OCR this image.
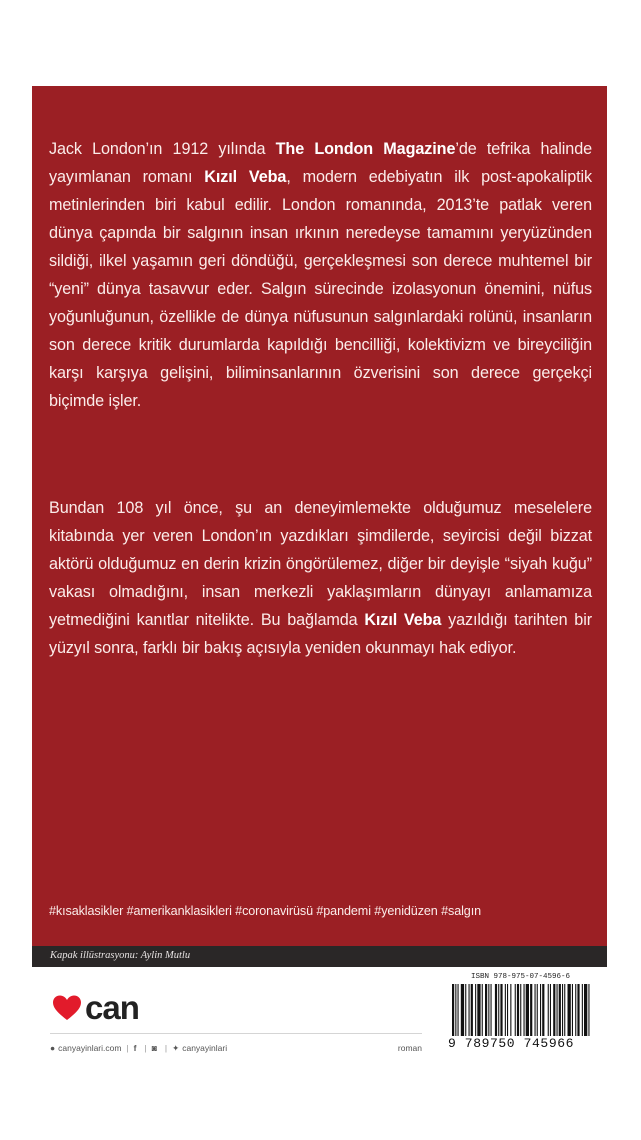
Jack London’ın 1912 yılında The London Magazine’de tefrika halinde yayımlanan romanı Kızıl Veba, modern edebiyatın ilk post-apokaliptik metinlerinden biri kabul edilir. London romanında, 2013’te patlak veren dünya çapında bir salgının insan ırkının neredeyse tamamını yeryüzünden sildiği, ilkel yaşamın geri döndüğü, gerçekleşmesi son derece muhtemel bir “yeni” dünya tasavvur eder. Salgın sürecinde izolasyonun önemini, nüfus yoğunluğunun, özellikle de dünya nüfusunun salgınlardaki rolünü, insanların son derece kritik durumlarda kapıldığı bencilliği, kolektivizm ve bireyciliğin karşı karşıya gelişini, biliminsanlarının özverisini son derece gerçekçi biçimde işler.

Bundan 108 yıl önce, şu an deneyimlemekte olduğumuz meselelere kitabında yer veren London’ın yazdıkları şimdilerde, seyircisi değil bizzat aktörü olduğumuz en derin krizin öngörülemez, diğer bir deyişle “siyah kuğu” vakası olmadığını, insan merkezli yaklaşımların dünyayı anlamamıza yetmediğini kanıtlar nitelikte. Bu bağlamda Kızıl Veba yazıldığı tarihten bir yüzyıl sonra, farklı bir bakış açısıyla yeniden okunmayı hak ediyor.

#kısaklasikler #amerikanklasikleri #coronavirüsü #pandemi #yenidüzen #salgın
Kapak illüstrasyonu: Aylin Mutlu
can
● canyayinlari.com | f | ◙ | ✦ canyayinlari	roman
ISBN 978-975-07-4596-6
9 789750 745966
